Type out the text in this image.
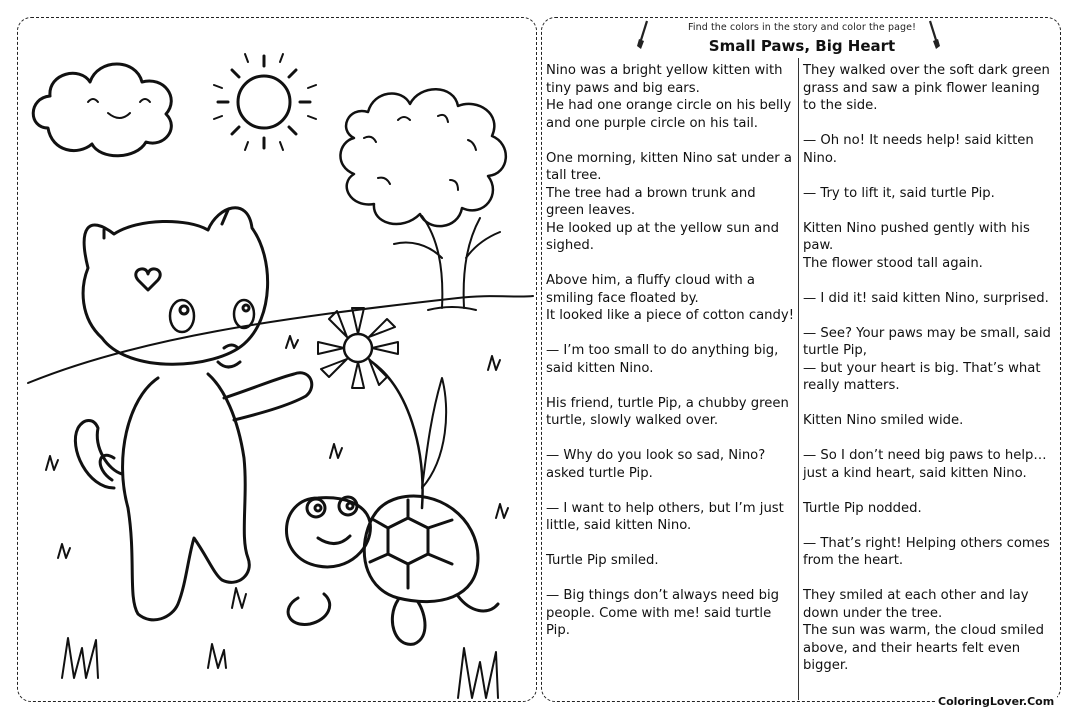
Find the colors in the story and color the page!
Small Paws, Big Heart

Nino was a bright yellow kitten with tiny paws and big ears.
He had one orange circle on his belly and one purple circle on his tail.

One morning, kitten Nino sat under a tall tree.
The tree had a brown trunk and green leaves.
He looked up at the yellow sun and sighed.

Above him, a fluffy cloud with a smiling face floated by.
It looked like a piece of cotton candy!

— I’m too small to do anything big, said kitten Nino.

His friend, turtle Pip, a chubby green turtle, slowly walked over.

— Why do you look so sad, Nino? asked turtle Pip.

— I want to help others, but I’m just little, said kitten Nino.

Turtle Pip smiled.

— Big things don’t always need big people. Come with me! said turtle Pip.

They walked over the soft dark green grass and saw a pink flower leaning to the side.

— Oh no! It needs help! said kitten Nino.

— Try to lift it, said turtle Pip.

Kitten Nino pushed gently with his paw.
The flower stood tall again.

— I did it! said kitten Nino, surprised.

— See? Your paws may be small, said turtle Pip,
— but your heart is big. That’s what really matters.

Kitten Nino smiled wide.

— So I don’t need big paws to help… just a kind heart, said kitten Nino.

Turtle Pip nodded.

— That’s right! Helping others comes from the heart.

They smiled at each other and lay down under the tree.
The sun was warm, the cloud smiled above, and their hearts felt even bigger.

ColoringLover.Com
